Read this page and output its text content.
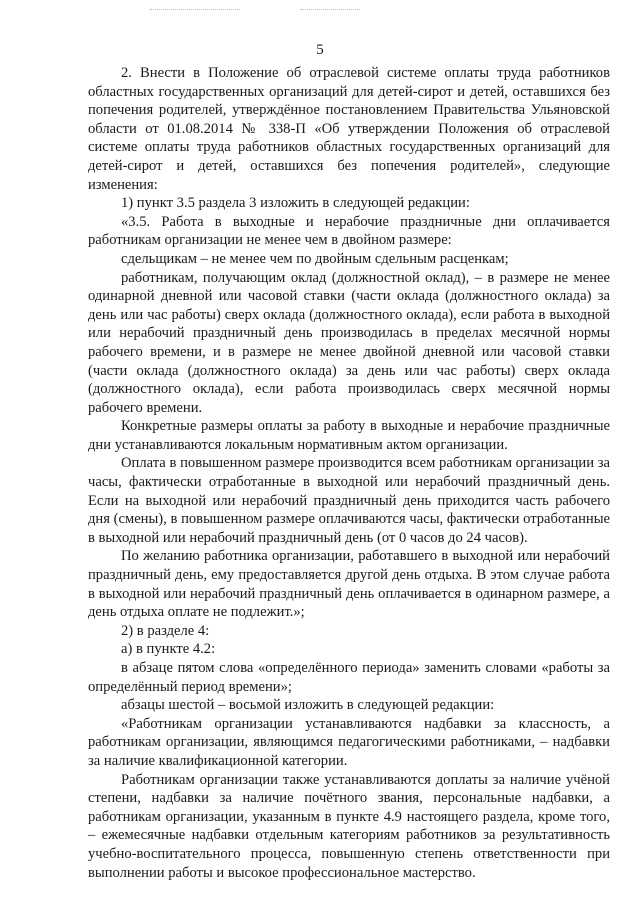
5

2. Внести в Положение об отраслевой системе оплаты труда работников областных государственных организаций для детей-сирот и детей, оставшихся без попечения родителей, утверждённое постановлением Правительства Ульяновской области от 01.08.2014 № 338-П «Об утверждении Положения об отраслевой системе оплаты труда работников областных государственных организаций для детей-сирот и детей, оставшихся без попечения родителей», следующие изменения:

1) пункт 3.5 раздела 3 изложить в следующей редакции:

«3.5. Работа в выходные и нерабочие праздничные дни оплачивается работникам организации не менее чем в двойном размере:

сдельщикам – не менее чем по двойным сдельным расценкам;

работникам, получающим оклад (должностной оклад), – в размере не менее одинарной дневной или часовой ставки (части оклада (должностного оклада) за день или час работы) сверх оклада (должностного оклада), если работа в выходной или нерабочий праздничный день производилась в пределах месячной нормы рабочего времени, и в размере не менее двойной дневной или часовой ставки (части оклада (должностного оклада) за день или час работы) сверх оклада (должностного оклада), если работа производилась сверх месячной нормы рабочего времени.

Конкретные размеры оплаты за работу в выходные и нерабочие праздничные дни устанавливаются локальным нормативным актом организации.

Оплата в повышенном размере производится всем работникам организации за часы, фактически отработанные в выходной или нерабочий праздничный день. Если на выходной или нерабочий праздничный день приходится часть рабочего дня (смены), в повышенном размере оплачиваются часы, фактически отработанные в выходной или нерабочий праздничный день (от 0 часов до 24 часов).

По желанию работника организации, работавшего в выходной или нерабочий праздничный день, ему предоставляется другой день отдыха. В этом случае работа в выходной или нерабочий праздничный день оплачивается в одинарном размере, а день отдыха оплате не подлежит.»;

2) в разделе 4:

а) в пункте 4.2:

в абзаце пятом слова «определённого периода» заменить словами «работы за определённый период времени»;

абзацы шестой – восьмой изложить в следующей редакции:

«Работникам организации устанавливаются надбавки за классность, а работникам организации, являющимся педагогическими работниками, – надбавки за наличие квалификационной категории.

Работникам организации также устанавливаются доплаты за наличие учёной степени, надбавки за наличие почётного звания, персональные надбавки, а работникам организации, указанным в пункте 4.9 настоящего раздела, кроме того, – ежемесячные надбавки отдельным категориям работников за результативность учебно-воспитательного процесса, повышенную степень ответственности при выполнении работы и высокое профессиональное мастерство.
